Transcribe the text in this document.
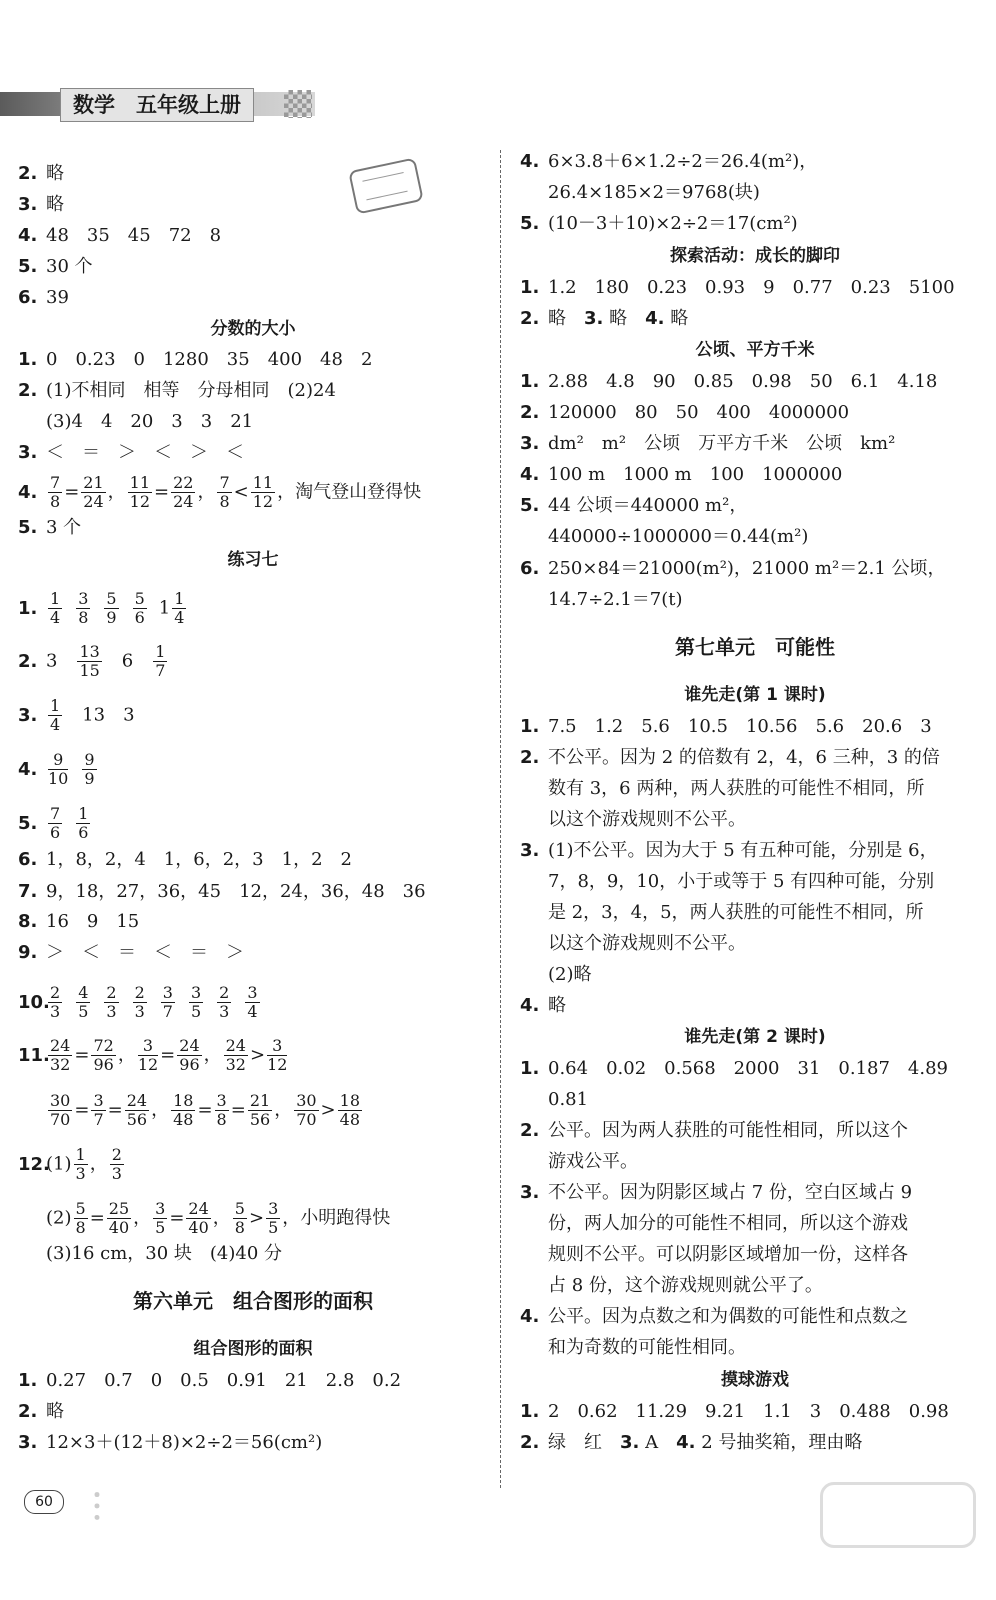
数学　五年级上册
2. 略
3. 略
4. 48　35　45　72　8
5. 30 个
6. 39
分数的大小
1. 0　0.23　0　1280　35　400　48　2
2. (1)不相同　相等　分母相同　(2)24
(3)4　4　20　3　3　21
3. ＜　＝　＞　＜　＞　＜
4. $\frac{7}{8} = \frac{21}{24}$ ， $\frac{11}{12} = \frac{22}{24}$ ， $\frac{7}{8} < \frac{11}{12}$ ，淘气登山登得快
5. 3 个
练习七
1. $\frac{1}{4} \frac{3}{8} \frac{5}{9} \frac{5}{6} 1 \frac{1}{4}$
2. 3　 $\frac{13}{15}$ 　6　 $\frac{1}{7}$
3. $\frac{1}{4}$ 　13　3
4. $\frac{9}{10} \frac{9}{9}$
5. $\frac{7}{6} \frac{1}{6}$
6. 1，8，2，4　1，6，2，3　1，2　2
7. 9，18，27，36，45　12，24，36，48　36
8. 16　9　15
9. ＞　＜　＝　＜　＝　＞
10.
$\frac{2}{3} \frac{4}{5} \frac{2}{3} \frac{2}{3} \frac{3}{7} \frac{3}{5} \frac{2}{3} \frac{3}{4}$
11.
$\frac{24}{32} = \frac{72}{96}$ ， $\frac{3}{12} = \frac{24}{96}$ ， $\frac{24}{32} > \frac{3}{12}$
$\frac{30}{70} = \frac{3}{7} = \frac{24}{56}$ ， $\frac{18}{48} = \frac{3}{8} = \frac{21}{56}$ ， $\frac{30}{70} > \frac{18}{48}$
$12.(1) \frac{1}{3}$ ， $\frac{2}{3}$
$(2) \frac{5}{8} = \frac{25}{40}$ ， $\frac{3}{5} = \frac{24}{40}$ ， $\frac{5}{8} > \frac{3}{5}$ ，小明跑得快
(3)16 cm，30 块　(4)40 分
第六单元　组合图形的面积
组合图形的面积
1. 0.27　0.7　0　0.5　0.91　21　2.8　0.2
2. 略
3. 12×3＋(12＋8)×2÷2＝56(cm²)
4. 6×3.8＋6×1.2÷2＝26.4(m²)，
26.4×185×2＝9768(块)
5. (10－3＋10)×2÷2＝17(cm²)
探索活动：成长的脚印
1. 1.2　180　0.23　0.93　9　0.77　0.23　5100
2. 略　3. 略　4. 略
公顷、平方千米
1. 2.88　4.8　90　0.85　0.98　50　6.1　4.18
2. 120000　80　50　400　4000000
3. dm²　m²　公顷　万平方千米　公顷　km²
4. 100 m　1000 m　100　1000000
5. 44 公顷＝440000 m²，
440000÷1000000＝0.44(m²)
6. 250×84＝21000(m²)，21000 m²＝2.1 公顷，
14.7÷2.1＝7(t)
第七单元　可能性
谁先走(第 1 课时)
1. 7.5　1.2　5.6　10.5　10.56　5.6　20.6　3
2. 不公平。因为 2 的倍数有 2，4，6 三种，3 的倍
数有 3，6 两种，两人获胜的可能性不相同，所
以这个游戏规则不公平。
3. (1)不公平。因为大于 5 有五种可能，分别是 6，
7，8，9，10，小于或等于 5 有四种可能，分别
是 2，3，4，5，两人获胜的可能性不相同，所
以这个游戏规则不公平。
(2)略
4. 略
谁先走(第 2 课时)
1. 0.64　0.02　0.568　2000　31　0.187　4.89
0.81
2. 公平。因为两人获胜的可能性相同，所以这个
游戏公平。
3. 不公平。因为阴影区域占 7 份，空白区域占 9
份，两人加分的可能性不相同，所以这个游戏
规则不公平。可以阴影区域增加一份，这样各
占 8 份，这个游戏规则就公平了。
4. 公平。因为点数之和为偶数的可能性和点数之
和为奇数的可能性相同。
摸球游戏
1. 2　0.62　11.29　9.21　1.1　3　0.488　0.98
2. 绿　红　3. A　4. 2 号抽奖箱，理由略
60 ︙
